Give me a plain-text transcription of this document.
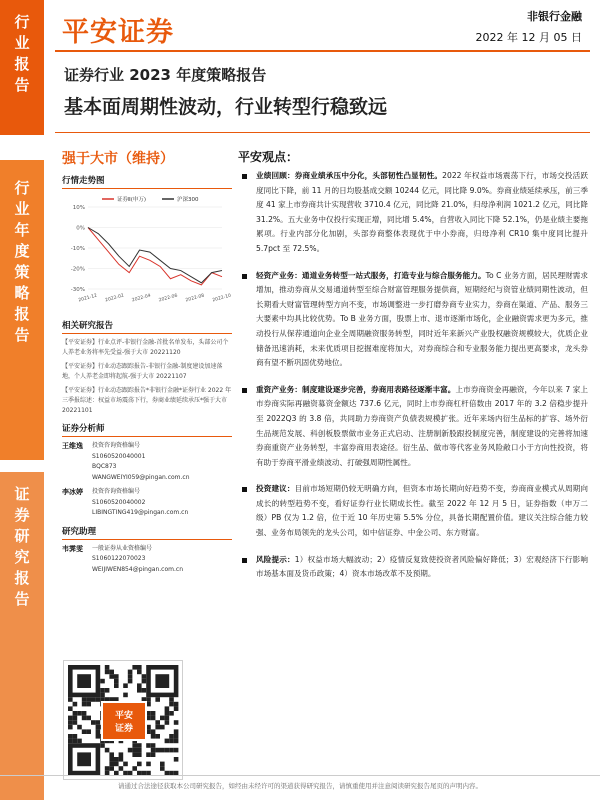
行
业
报
告
行
业
年
度
策
略
报
告
证
券
研
究
报
告
平安证券
非银行金融
2022 年 12 月 05 日
证券行业 2023 年度策略报告
基本面周期性波动，行业转型行稳致远
强于大市（维持）
行情走势图
证券Ⅱ(申万)	沪深300
10%
0%
-10%
-20%
-30%
2021-12 2022-02 2022-04 2022-06 2022-08 2022-10
相关研究报告
【平安证券】行业点评-非银行金融-首批名单发布，头部公司个人养老业务将率先受益-强于大市 20221120
【平安证券】行业动态跟踪报告-非银行金融-制度建设加速落地，个人养老金即将起航-强于大市 20221107
【平安证券】行业动态跟踪报告*非银行金融*证券行业 2022 年三季报综述：权益市场震荡下行，券商业绩延续承压*强于大市 20221101
证券分析师
王维逸	投资咨询资格编号
S1060520040001
BQC873
WANGWEIYI059@pingan.com.cn
李冰婷	投资咨询资格编号
S1060520040002
LIBINGTING419@pingan.com.cn
研究助理
韦霁雯	一般证券从业资格编号
S1060122070023
WEIJIWEN854@pingan.com.cn
平安
证券
平安观点：
业绩回顾：券商业绩承压中分化，头部韧性凸显韧性。2022 年权益市场震荡下行，市场交投活跃度同比下降，前 11 月的日均股基成交额 10244 亿元，同比降 9.0%。券商业绩延续承压，前三季度 41 家上市券商共计实现营收 3710.4 亿元，同比降 21.0%，归母净利润 1021.2 亿元，同比降 31.2%。五大业务中仅投行实现正增，同比增 5.4%，自营收入同比下降 52.1%，仍是业绩主要拖累项。行业内部分化加剧，头部券商整体表现优于中小券商，归母净利 CR10 集中度同比提升 5.7pct 至 72.5%。
轻资产业务：通道业务转型一站式服务，打造专业与综合服务能力。To C 业务方面，居民理财需求增加，推动券商从交易通道转型至综合财富管理服务提供商，短期经纪与资管业绩同期性波动，但长期看大财富管理转型方向不变，市场调整进一步打磨券商专业实力，券商在渠道、产品、服务三大要素中均具比较优势。To B 业务方面，股票上市、退市逐渐市场化，企业融资需求更为多元，推动投行从保荐通道向企业全周期融资服务转型，同时近年来新兴产业股权融资规模较大，优质企业储备迅速消耗，未来优质项目挖掘难度将加大，对券商综合和专业服务能力提出更高要求，龙头券商有望不断巩固优势地位。
重资产业务：制度建设逐步完善，券商用表路径逐渐丰富。上市券商资金再融资，今年以来 7 家上市券商实际再融资募资金额达 737.6 亿元，同时上市券商杠杆倍数由 2017 年的 3.2 倍稳步提升至 2022Q3 的 3.8 倍，共同助力券商资产负债表规模扩张。近年来场内衍生品标的扩容、场外衍生品规范发展、科创板股票做市业务正式启动、注册制新股跟投制度完善，制度建设的完善将加速券商重资产业务转型，丰富券商用表途径。衍生品、做市等代客业务风险敞口小于方向性投资，将有助于券商平滑业绩波动、打破强周期性属性。
投资建议：目前市场短期仍较无明确方向，但资本市场长期向好趋势不变，券商商业模式从周期向成长的转型趋势不变，看好证券行业长期成长性。截至 2022 年 12 月 5 日，证券指数（申万二级）PB 仅为 1.2 倍，位于近 10 年历史第 5.5% 分位，具备长期配置价值。建议关注综合能力较强、业务布局领先的龙头公司，如中信证券、中金公司、东方财富。
风险提示：1）权益市场大幅波动；2）疫情反复致使投资者风险偏好降低；3）宏观经济下行影响市场基本面及货币政策；4）资本市场改革不及预期。
请通过合法途径获取本公司研究报告，如经由未经许可的渠道获得研究报告，请慎重使用并注意阅读研究报告尾页的声明内容。
